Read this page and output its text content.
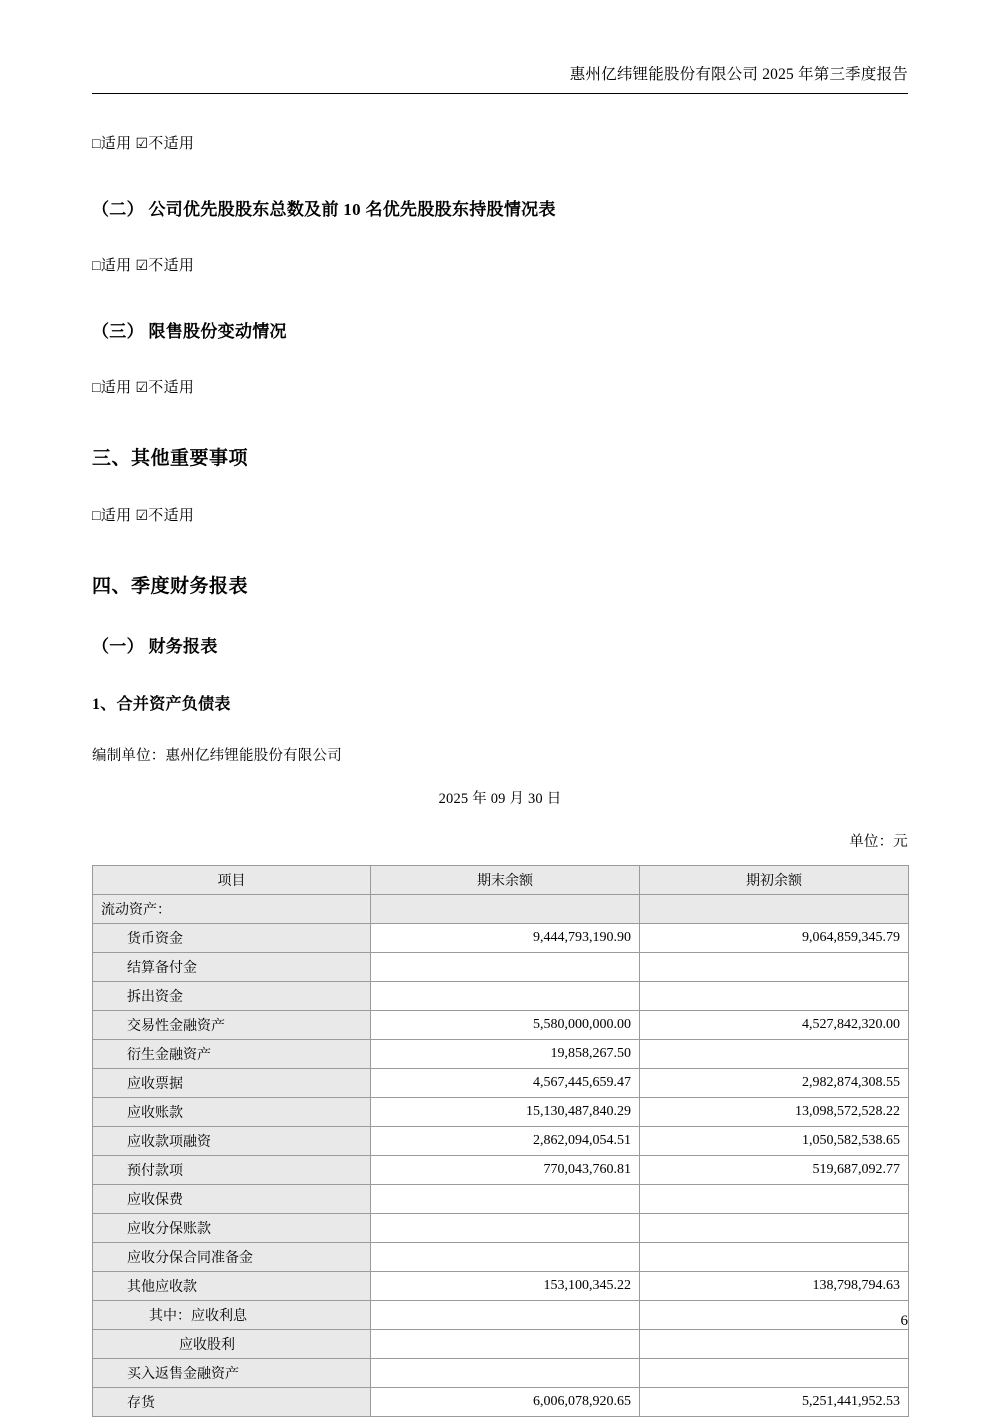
惠州亿纬锂能股份有限公司 2025 年第三季度报告

□适用 ☑不适用

（二） 公司优先股股东总数及前 10 名优先股股东持股情况表

□适用 ☑不适用

（三） 限售股份变动情况

□适用 ☑不适用

三、其他重要事项

□适用 ☑不适用

四、季度财务报表

（一） 财务报表

1、合并资产负债表

编制单位：惠州亿纬锂能股份有限公司

2025 年 09 月 30 日

单位：元

项目	期末余额	期初余额
流动资产：		
货币资金	9,444,793,190.90	9,064,859,345.79
结算备付金		
拆出资金		
交易性金融资产	5,580,000,000.00	4,527,842,320.00
衍生金融资产	19,858,267.50	
应收票据	4,567,445,659.47	2,982,874,308.55
应收账款	15,130,487,840.29	13,098,572,528.22
应收款项融资	2,862,094,054.51	1,050,582,538.65
预付款项	770,043,760.81	519,687,092.77
应收保费		
应收分保账款		
应收分保合同准备金		
其他应收款	153,100,345.22	138,798,794.63
其中：应收利息		
应收股利		
买入返售金融资产		
存货	6,006,078,920.65	5,251,441,952.53
6
